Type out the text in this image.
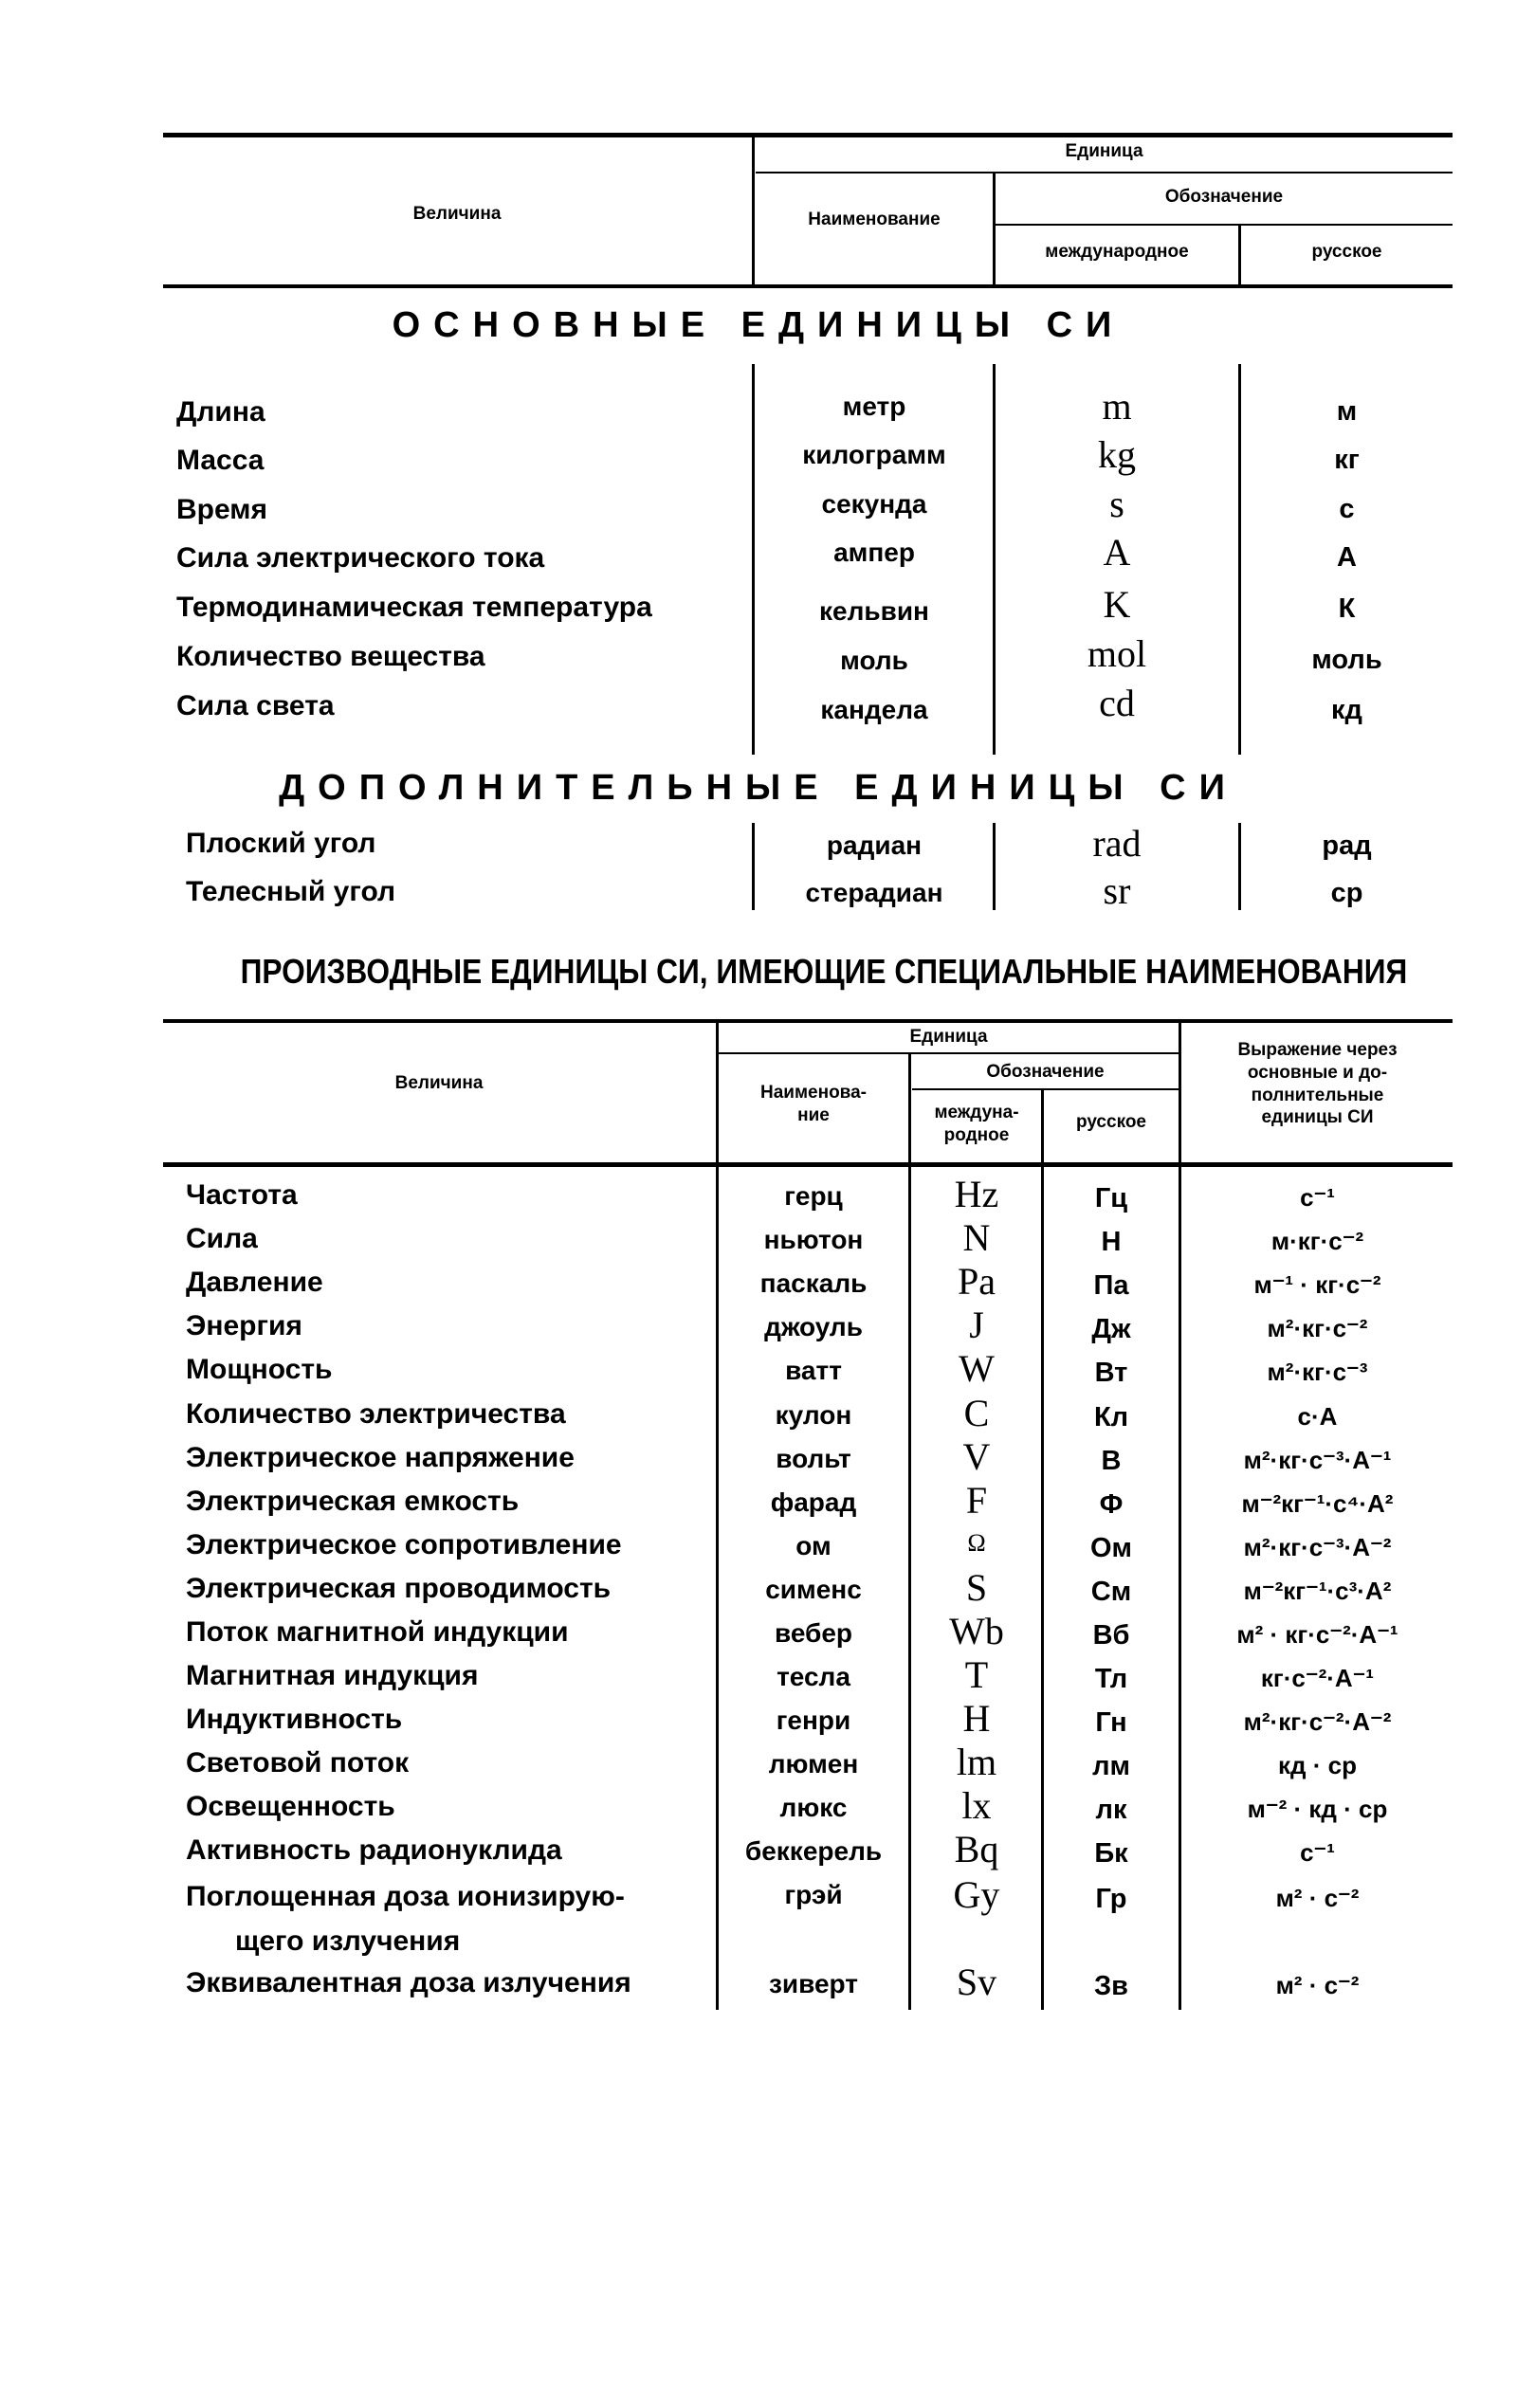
Величина
Единица
Наименование
Обозначение
международное	русское
ОСНОВНЫЕ ЕДИНИЦЫ СИ
Длина	метр	m	м
Масса	килограмм	kg	кг
Время	секунда	s	с
Сила электрического тока	ампер	A	А
Термодинамическая температура	кельвин	K	К
Количество вещества	моль	mol	моль
Сила света	кандела	cd	кд
ДОПОЛНИТЕЛЬНЫЕ ЕДИНИЦЫ СИ
Плоский угол	радиан	rad	рад
Телесный угол	стерадиан	sr	ср
ПРОИЗВОДНЫЕ ЕДИНИЦЫ СИ, ИМЕЮЩИЕ СПЕЦИАЛЬНЫЕ НАИМЕНОВАНИЯ
Величина
Единица
Наименова-
ние
Обозначение
междуна-
родное
русское
Выражение через
основные и до-
полнительные
единицы СИ
Частота	герц	Hz	Гц	с⁻¹
Сила	ньютон	N	Н	м·кг·с⁻²
Давление	паскаль	Pa	Па	м⁻¹ · кг·с⁻²
Энергия	джоуль	J	Дж	м²·кг·с⁻²
Мощность	ватт	W	Вт	м²·кг·с⁻³
Количество электричества	кулон	C	Кл	с·А
Электрическое напряжение	вольт	V	В	м²·кг·с⁻³·А⁻¹
Электрическая емкость	фарад	F	Ф	м⁻²кг⁻¹·с⁴·А²
Электрическое сопротивление	ом	Ω	Ом	м²·кг·с⁻³·А⁻²
Электрическая проводимость	сименс	S	См	м⁻²кг⁻¹·с³·А²
Поток магнитной индукции	вебер	Wb	Вб	м² · кг·с⁻²·А⁻¹
Магнитная индукция	тесла	T	Тл	кг·с⁻²·А⁻¹
Индуктивность	генри	H	Гн	м²·кг·с⁻²·А⁻²
Световой поток	люмен	lm	лм	кд · ср
Освещенность	люкс	lx	лк	м⁻² · кд · ср
Активность радионуклида	беккерель	Bq	Бк	с⁻¹
Поглощенная доза ионизирую-
щего излучения
грэй	Gy	Гр	м² · с⁻²
Эквивалентная доза излучения	зиверт	Sv	Зв	м² · с⁻²
